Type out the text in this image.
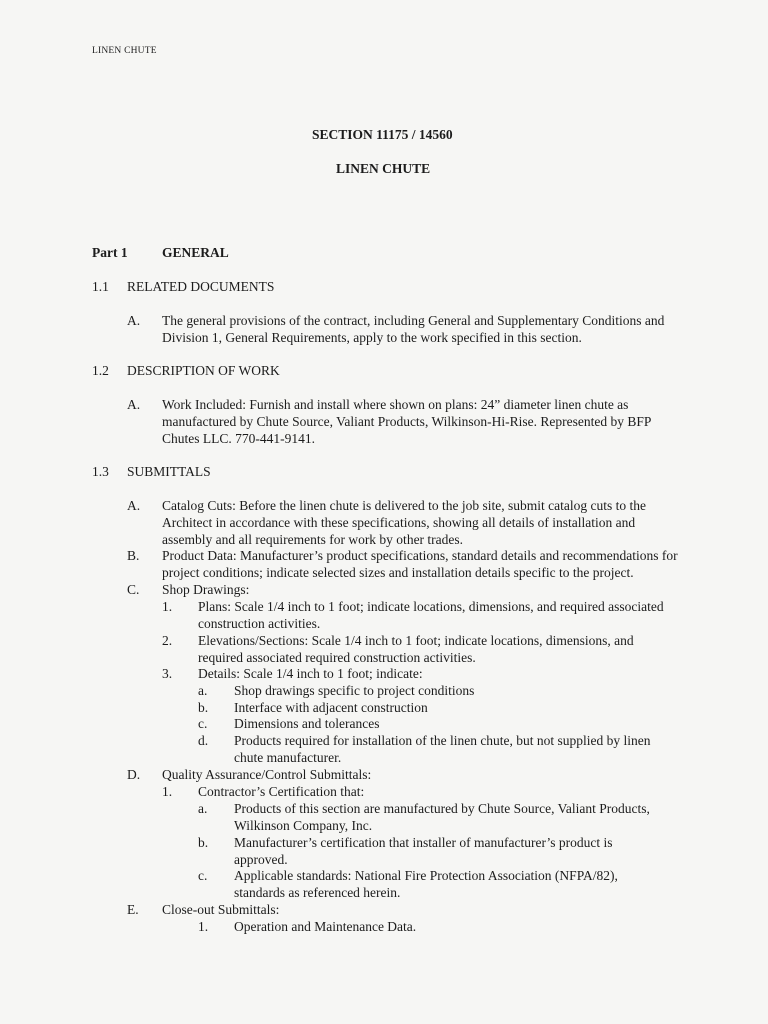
LINEN CHUTE
SECTION 11175 / 14560
LINEN CHUTE
Part 1	GENERAL
1.1 RELATED DOCUMENTS
A. The general provisions of the contract, including General and Supplementary Conditions and Division 1, General Requirements, apply to the work specified in this section.
1.2 DESCRIPTION OF WORK
A. Work Included: Furnish and install where shown on plans: 24” diameter linen chute as manufactured by Chute Source, Valiant Products, Wilkinson-Hi-Rise. Represented by BFP Chutes LLC. 770-441-9141.
1.3 SUBMITTALS
A. Catalog Cuts: Before the linen chute is delivered to the job site, submit catalog cuts to the Architect in accordance with these specifications, showing all details of installation and assembly and all requirements for work by other trades.
B. Product Data: Manufacturer’s product specifications, standard details and recommendations for project conditions; indicate selected sizes and installation details specific to the project.
C. Shop Drawings:
1. Plans: Scale 1/4 inch to 1 foot; indicate locations, dimensions, and required associated construction activities.
2. Elevations/Sections: Scale 1/4 inch to 1 foot; indicate locations, dimensions, and required associated required construction activities.
3. Details: Scale 1/4 inch to 1 foot; indicate:
a. Shop drawings specific to project conditions
b. Interface with adjacent construction
c. Dimensions and tolerances
d. Products required for installation of the linen chute, but not supplied by linen chute manufacturer.
D. Quality Assurance/Control Submittals:
1. Contractor’s Certification that:
a. Products of this section are manufactured by Chute Source, Valiant Products, Wilkinson Company, Inc.
b. Manufacturer’s certification that installer of manufacturer’s product is approved.
c. Applicable standards: National Fire Protection Association (NFPA/82), standards as referenced herein.
E. Close-out Submittals:
1. Operation and Maintenance Data.
